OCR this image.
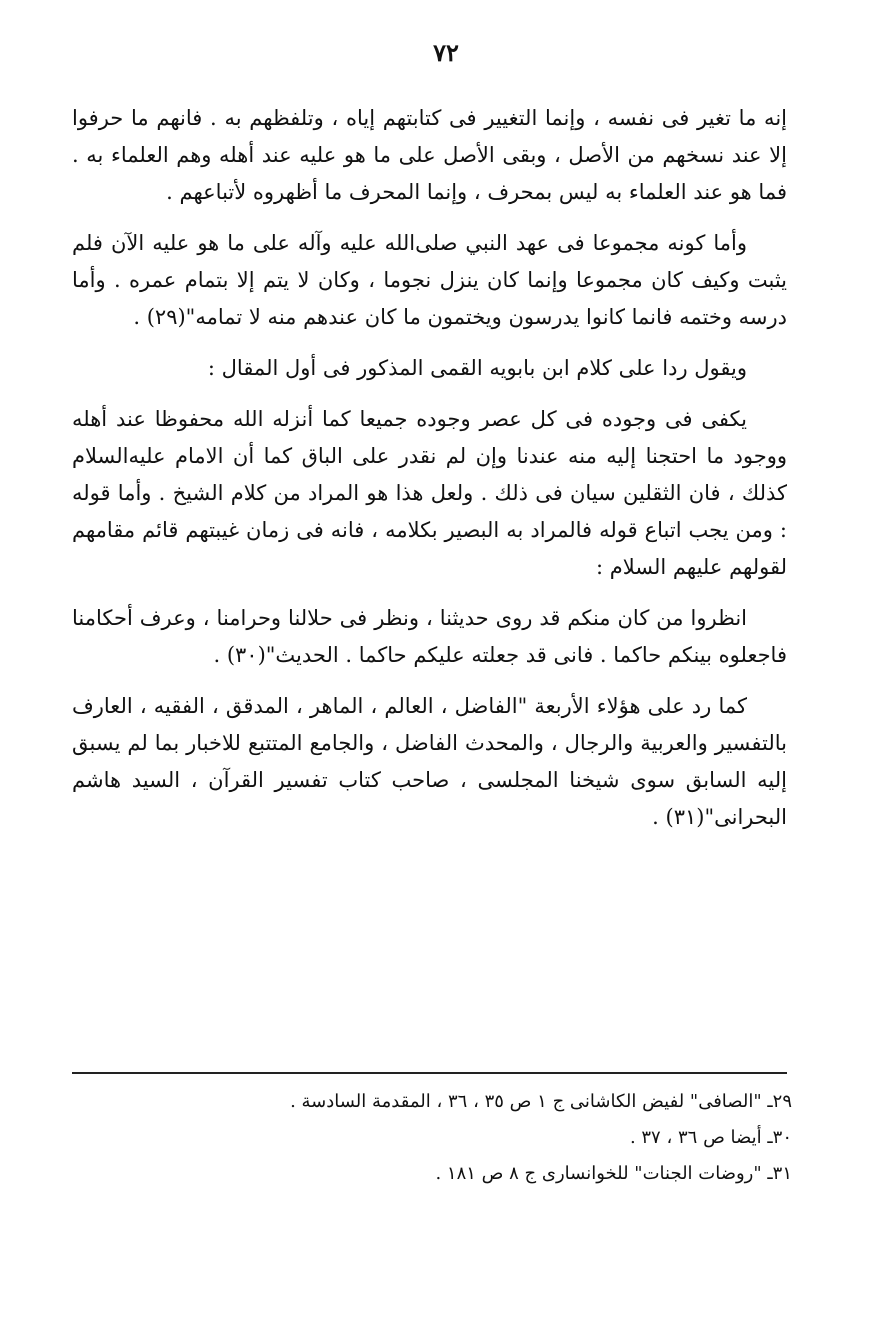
٧٢

إنه ما تغير فى نفسه ، وإنما التغيير فى كتابتهم إياه ، وتلفظهم به . فانهم ما حرفوا إلا عند نسخهم من الأصل ، وبقى الأصل على ما هو عليه عند أهله وهم العلماء به . فما هو عند العلماء به ليس بمحرف ، وإنما المحرف ما أظهروه لأتباعهم .

وأما كونه مجموعا فى عهد النبي صلى‌الله عليه وآله على ما هو عليه الآن فلم يثبت وكيف كان مجموعا وإنما كان ينزل نجوما ، وكان لا يتم إلا بتمام عمره . وأما درسه وختمه فانما كانوا يدرسون ويختمون ما كان عندهم منه لا تمامه"(٢٩) .

ويقول ردا على كلام ابن بابويه القمى المذكور فى أول المقال :

يكفى فى وجوده فى كل عصر وجوده جميعا كما أنزله الله محفوظا عند أهله ووجود ما احتجنا إليه منه عندنا وإن لم نقدر على الباق كما أن الامام عليه‌السلام كذلك ، فان الثقلين سيان فى ذلك . ولعل هذا هو المراد من كلام الشيخ . وأما قوله : ومن يجب اتباع قوله فالمراد به البصير بكلامه ، فانه فى زمان غيبتهم قائم مقامهم لقولهم عليهم السلام :

انظروا من كان منكم قد روى حديثنا ، ونظر فى حلالنا وحرامنا ، وعرف أحكامنا فاجعلوه بينكم حاكما . فانى قد جعلته عليكم حاكما . الحديث"(٣٠) .

كما رد على هؤلاء الأربعة "الفاضل ، العالم ، الماهر ، المدقق ، الفقيه ، العارف بالتفسير والعربية والرجال ، والمحدث الفاضل ، والجامع المتتبع للاخبار بما لم يسبق إليه السابق سوى شيخنا المجلسى ، صاحب كتاب تفسير القرآن ، السيد هاشم البحرانى"(٣١) .

٢٩ـ "الصافى" لفيض الكاشانى ج ١ ص ٣٥ ، ٣٦ ، المقدمة السادسة .

٣٠ـ أيضا ص ٣٦ ، ٣٧ .

٣١ـ "روضات الجنات" للخوانسارى ج ٨ ص ١٨١ .
